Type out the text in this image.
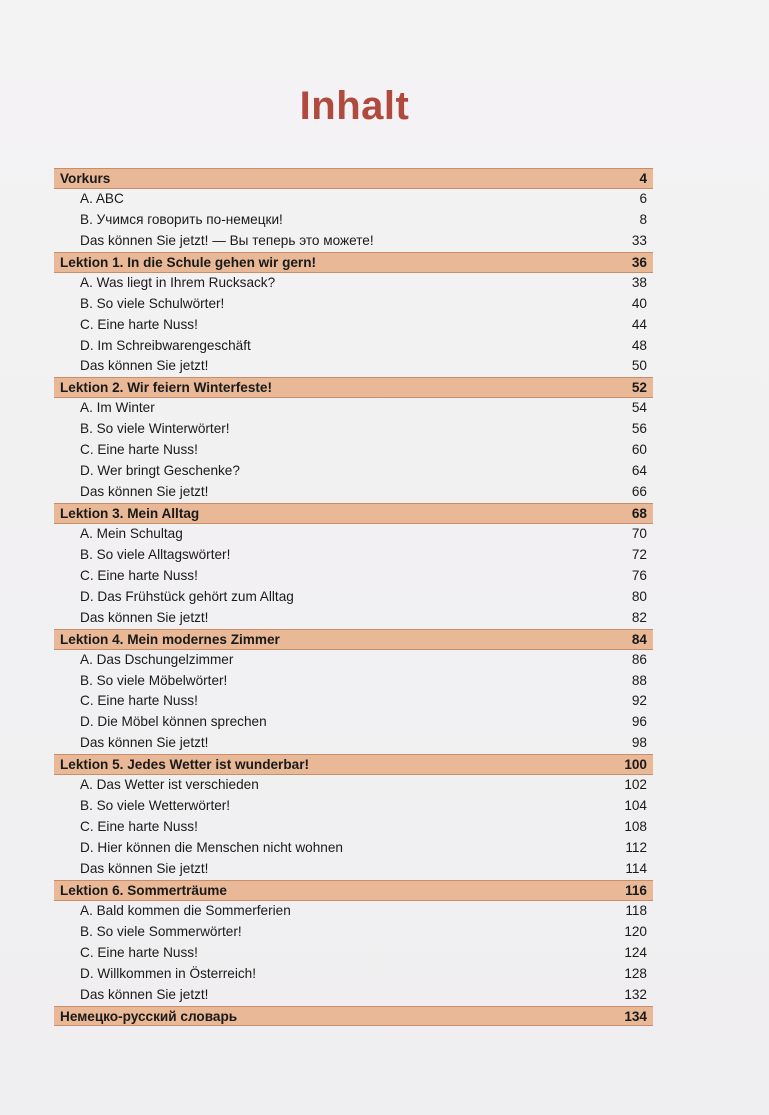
Inhalt
Vorkurs	4
A. ABC	6
B. Учимся говорить по-немецки!	8
Das können Sie jetzt! — Вы теперь это можете!	33
Lektion 1. In die Schule gehen wir gern!	36
A. Was liegt in Ihrem Rucksack?	38
B. So viele Schulwörter!	40
C. Eine harte Nuss!	44
D. Im Schreibwarengeschäft	48
Das können Sie jetzt!	50
Lektion 2. Wir feiern Winterfeste!	52
A. Im Winter	54
B. So viele Winterwörter!	56
C. Eine harte Nuss!	60
D. Wer bringt Geschenke?	64
Das können Sie jetzt!	66
Lektion 3. Mein Alltag	68
A. Mein Schultag	70
B. So viele Alltagswörter!	72
C. Eine harte Nuss!	76
D. Das Frühstück gehört zum Alltag	80
Das können Sie jetzt!	82
Lektion 4. Mein modernes Zimmer	84
A. Das Dschungelzimmer	86
B. So viele Möbelwörter!	88
C. Eine harte Nuss!	92
D. Die Möbel können sprechen	96
Das können Sie jetzt!	98
Lektion 5. Jedes Wetter ist wunderbar!	100
A. Das Wetter ist verschieden	102
B. So viele Wetterwörter!	104
C. Eine harte Nuss!	108
D. Hier können die Menschen nicht wohnen	112
Das können Sie jetzt!	114
Lektion 6. Sommerträume	116
A. Bald kommen die Sommerferien	118
B. So viele Sommerwörter!	120
C. Eine harte Nuss!	124
D. Willkommen in Österreich!	128
Das können Sie jetzt!	132
Немецко-русский словарь	134
